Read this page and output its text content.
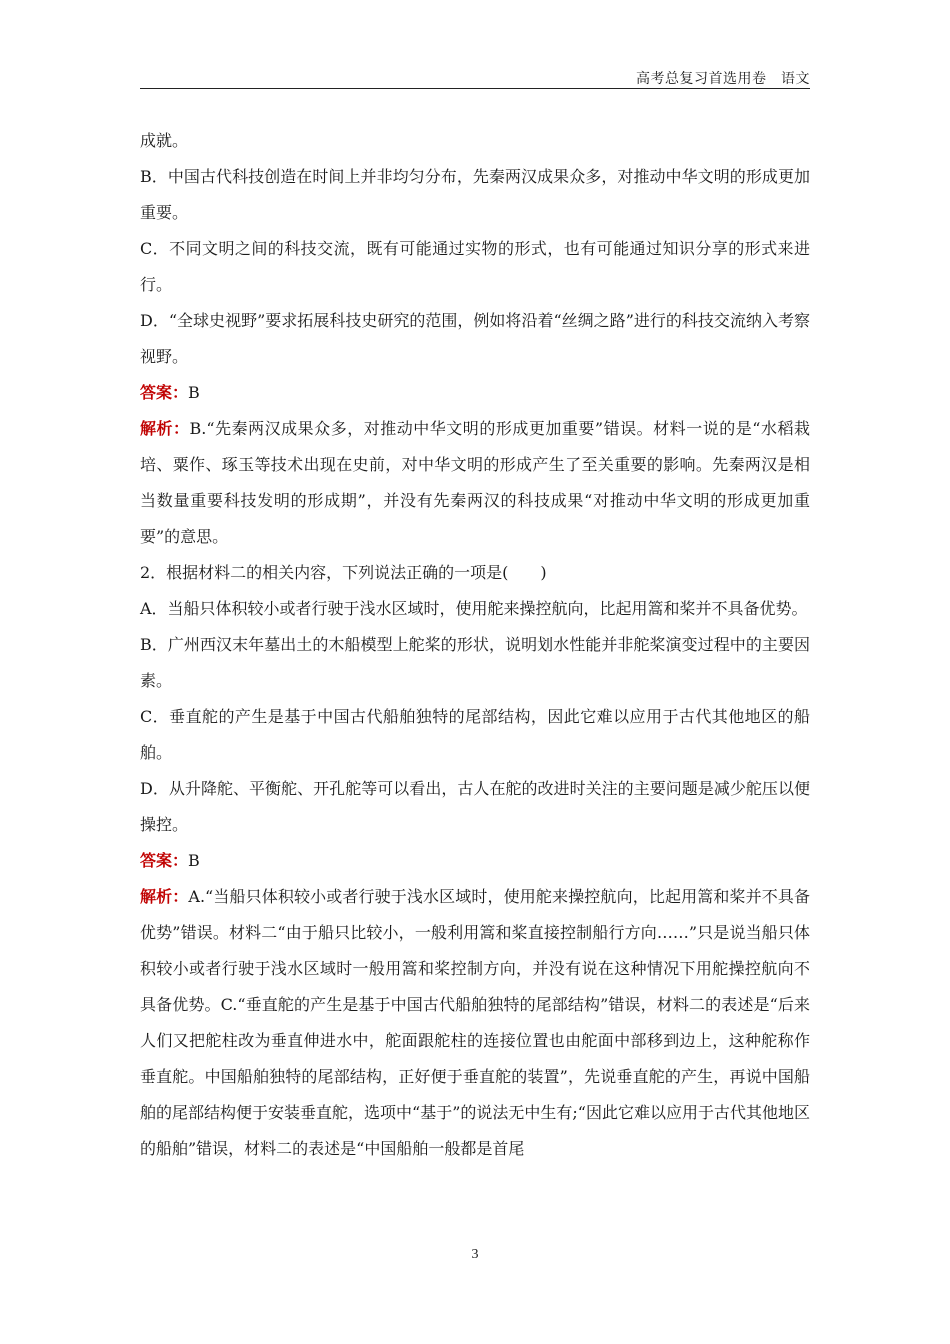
高考总复习首选用卷　语文

成就。

B．中国古代科技创造在时间上并非均匀分布，先秦两汉成果众多，对推动中华文明的形成更加重要。

C．不同文明之间的科技交流，既有可能通过实物的形式，也有可能通过知识分享的形式来进行。

D．“全球史视野”要求拓展科技史研究的范围，例如将沿着“丝绸之路”进行的科技交流纳入考察视野。

答案：B

解析：B.“先秦两汉成果众多，对推动中华文明的形成更加重要”错误。材料一说的是“水稻栽培、粟作、琢玉等技术出现在史前，对中华文明的形成产生了至关重要的影响。先秦两汉是相当数量重要科技发明的形成期”，并没有先秦两汉的科技成果“对推动中华文明的形成更加重要”的意思。

2．根据材料二的相关内容，下列说法正确的一项是(　　)

A．当船只体积较小或者行驶于浅水区域时，使用舵来操控航向，比起用篙和桨并不具备优势。

B．广州西汉末年墓出土的木船模型上舵桨的形状，说明划水性能并非舵桨演变过程中的主要因素。

C．垂直舵的产生是基于中国古代船舶独特的尾部结构，因此它难以应用于古代其他地区的船舶。

D．从升降舵、平衡舵、开孔舵等可以看出，古人在舵的改进时关注的主要问题是减少舵压以便操控。

答案：B

解析：A.“当船只体积较小或者行驶于浅水区域时，使用舵来操控航向，比起用篙和桨并不具备优势”错误。材料二“由于船只比较小，一般利用篙和桨直接控制船行方向……”只是说当船只体积较小或者行驶于浅水区域时一般用篙和桨控制方向，并没有说在这种情况下用舵操控航向不具备优势。C.“垂直舵的产生是基于中国古代船舶独特的尾部结构”错误，材料二的表述是“后来人们又把舵柱改为垂直伸进水中，舵面跟舵柱的连接位置也由舵面中部移到边上，这种舵称作垂直舵。中国船舶独特的尾部结构，正好便于垂直舵的装置”，先说垂直舵的产生，再说中国船舶的尾部结构便于安装垂直舵，选项中“基于”的说法无中生有;“因此它难以应用于古代其他地区的船舶”错误，材料二的表述是“中国船舶一般都是首尾

3
